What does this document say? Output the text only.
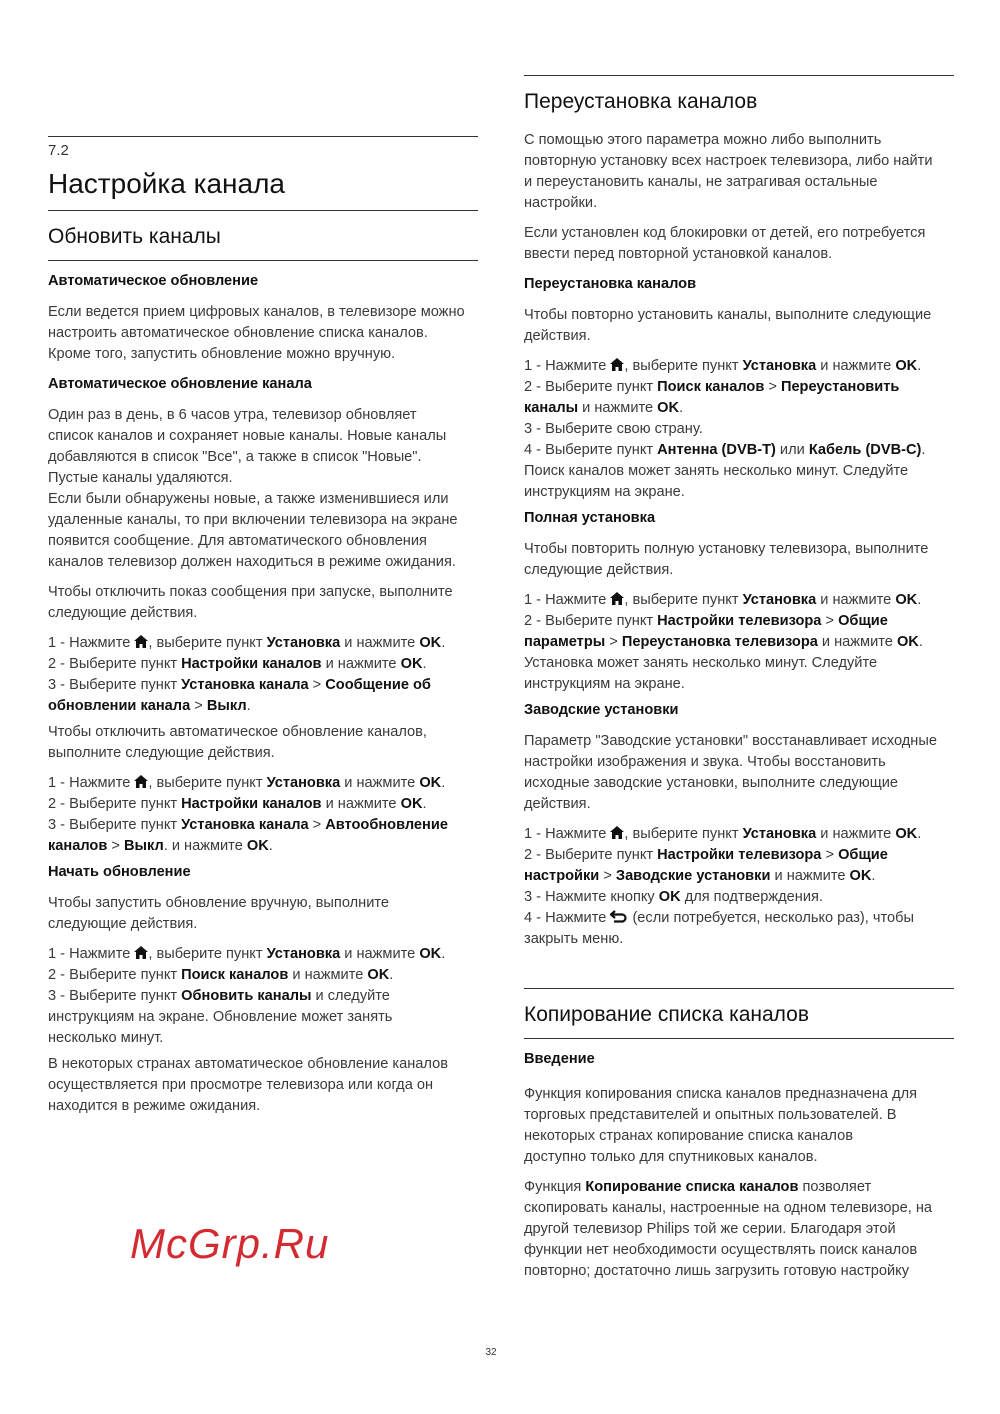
7.2
Настройка канала
Обновить каналы
Автоматическое обновление
Если ведется прием цифровых каналов, в телевизоре можно
настроить автоматическое обновление списка каналов.
Кроме того, запустить обновление можно вручную.
Автоматическое обновление канала
Один раз в день, в 6 часов утра, телевизор обновляет
список каналов и сохраняет новые каналы. Новые каналы
добавляются в список "Все", а также в список "Новые".
Пустые каналы удаляются.
Если были обнаружены новые, а также изменившиеся или
удаленные каналы, то при включении телевизора на экране
появится сообщение. Для автоматического обновления
каналов телевизор должен находиться в режиме ожидания.
Чтобы отключить показ сообщения при запуске, выполните
следующие действия.
1 - Нажмите , выберите пункт Установка и нажмите OK.
2 - Выберите пункт Настройки каналов и нажмите OK.
3 - Выберите пункт Установка канала > Сообщение об
обновлении канала > Выкл.
Чтобы отключить автоматическое обновление каналов,
выполните следующие действия.
1 - Нажмите , выберите пункт Установка и нажмите OK.
2 - Выберите пункт Настройки каналов и нажмите OK.
3 - Выберите пункт Установка канала > Автообновление
каналов > Выкл. и нажмите OK.
Начать обновление
Чтобы запустить обновление вручную, выполните
следующие действия.
1 - Нажмите , выберите пункт Установка и нажмите OK.
2 - Выберите пункт Поиск каналов и нажмите OK.
3 - Выберите пункт Обновить каналы и следуйте
инструкциям на экране. Обновление может занять
несколько минут.
В некоторых странах автоматическое обновление каналов
осуществляется при просмотре телевизора или когда он
находится в режиме ожидания.
Переустановка каналов
С помощью этого параметра можно либо выполнить
повторную установку всех настроек телевизора, либо найти
и переустановить каналы, не затрагивая остальные
настройки.
Если установлен код блокировки от детей, его потребуется
ввести перед повторной установкой каналов.
Переустановка каналов
Чтобы повторно установить каналы, выполните следующие
действия.
1 - Нажмите , выберите пункт Установка и нажмите OK.
2 - Выберите пункт Поиск каналов > Переустановить
каналы и нажмите OK.
3 - Выберите свою страну.
4 - Выберите пункт Антенна (DVB-T) или Кабель (DVB-C).
Поиск каналов может занять несколько минут. Следуйте
инструкциям на экране.
Полная установка
Чтобы повторить полную установку телевизора, выполните
следующие действия.
1 - Нажмите , выберите пункт Установка и нажмите OK.
2 - Выберите пункт Настройки телевизора > Общие
параметры > Переустановка телевизора и нажмите OK.
Установка может занять несколько минут. Следуйте
инструкциям на экране.
Заводские установки
Параметр "Заводские установки" восстанавливает исходные
настройки изображения и звука. Чтобы восстановить
исходные заводские установки, выполните следующие
действия.
1 - Нажмите , выберите пункт Установка и нажмите OK.
2 - Выберите пункт Настройки телевизора > Общие
настройки > Заводские установки и нажмите OK.
3 - Нажмите кнопку OK для подтверждения.
4 - Нажмите  (если потребуется, несколько раз), чтобы
закрыть меню.
Копирование списка каналов
Введение
Функция копирования списка каналов предназначена для
торговых представителей и опытных пользователей. В
некоторых странах копирование списка каналов
доступно только для спутниковых каналов.
Функция Копирование списка каналов позволяет
скопировать каналы, настроенные на одном телевизоре, на
другой телевизор Philips той же серии. Благодаря этой
функции нет необходимости осуществлять поиск каналов
повторно; достаточно лишь загрузить готовую настройку
32
McGrp.Ru
